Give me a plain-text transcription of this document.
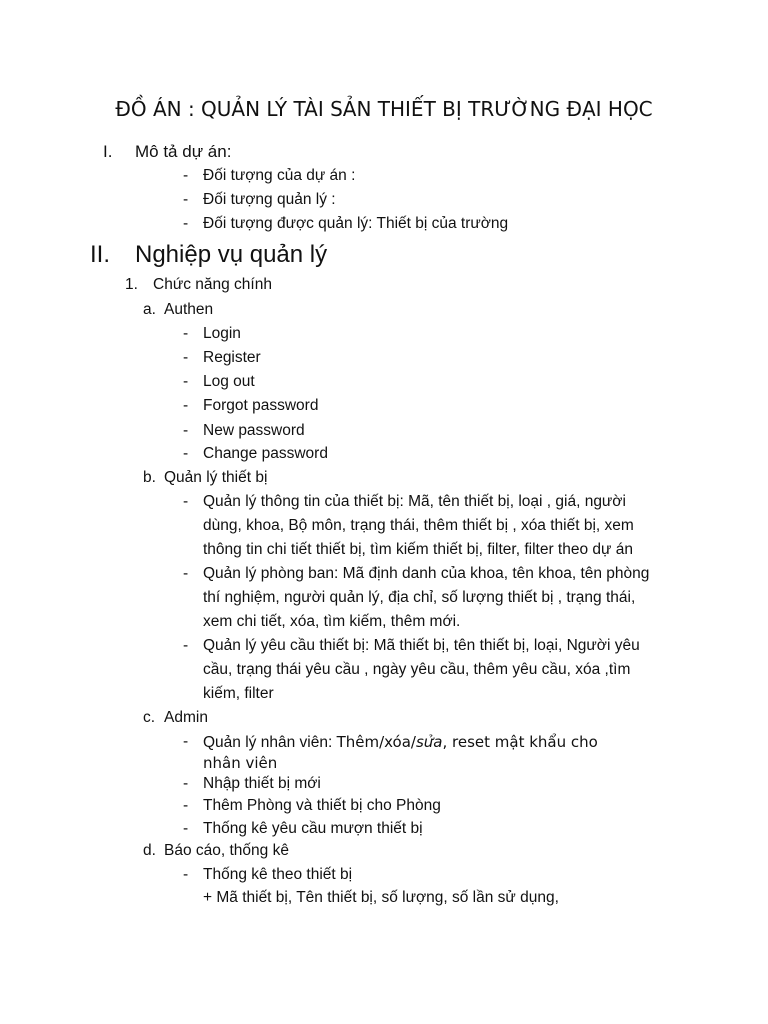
ĐỒ ÁN : QUẢN LÝ TÀI SẢN THIẾT BỊ TRƯỜNG ĐẠI HỌC
I. Mô tả dự án:
- Đối tượng của dự án :
- Đối tượng quản lý :
- Đối tượng được quản lý: Thiết bị của trường
II. Nghiệp vụ quản lý
1. Chức năng chính
a. Authen
- Login
- Register
- Log out
- Forgot password
- New password
- Change password
b. Quản lý thiết bị
- Quản lý thông tin của thiết bị: Mã, tên thiết bị, loại , giá, người
dùng, khoa, Bộ môn, trạng thái, thêm thiết bị , xóa thiết bị, xem
thông tin chi tiết thiết bị, tìm kiếm thiết bị, filter, filter theo dự án
- Quản lý phòng ban: Mã định danh của khoa, tên khoa, tên phòng
thí nghiệm, người quản lý, địa chỉ, số lượng thiết bị , trạng thái,
xem chi tiết, xóa, tìm kiếm, thêm mới.
- Quản lý yêu cầu thiết bị: Mã thiết bị, tên thiết bị, loại, Người yêu
cầu, trạng thái yêu cầu , ngày yêu cầu, thêm yêu cầu, xóa ,tìm
kiếm, filter
c. Admin
- Quản lý nhân viên: Thêm/xóa/sửa, reset mật khẩu cho
nhân viên
- Nhập thiết bị mới
- Thêm Phòng và thiết bị cho Phòng
- Thống kê yêu cầu mượn thiết bị
d. Báo cáo, thống kê
- Thống kê theo thiết bị
+ Mã thiết bị, Tên thiết bị, số lượng, số lần sử dụng,
